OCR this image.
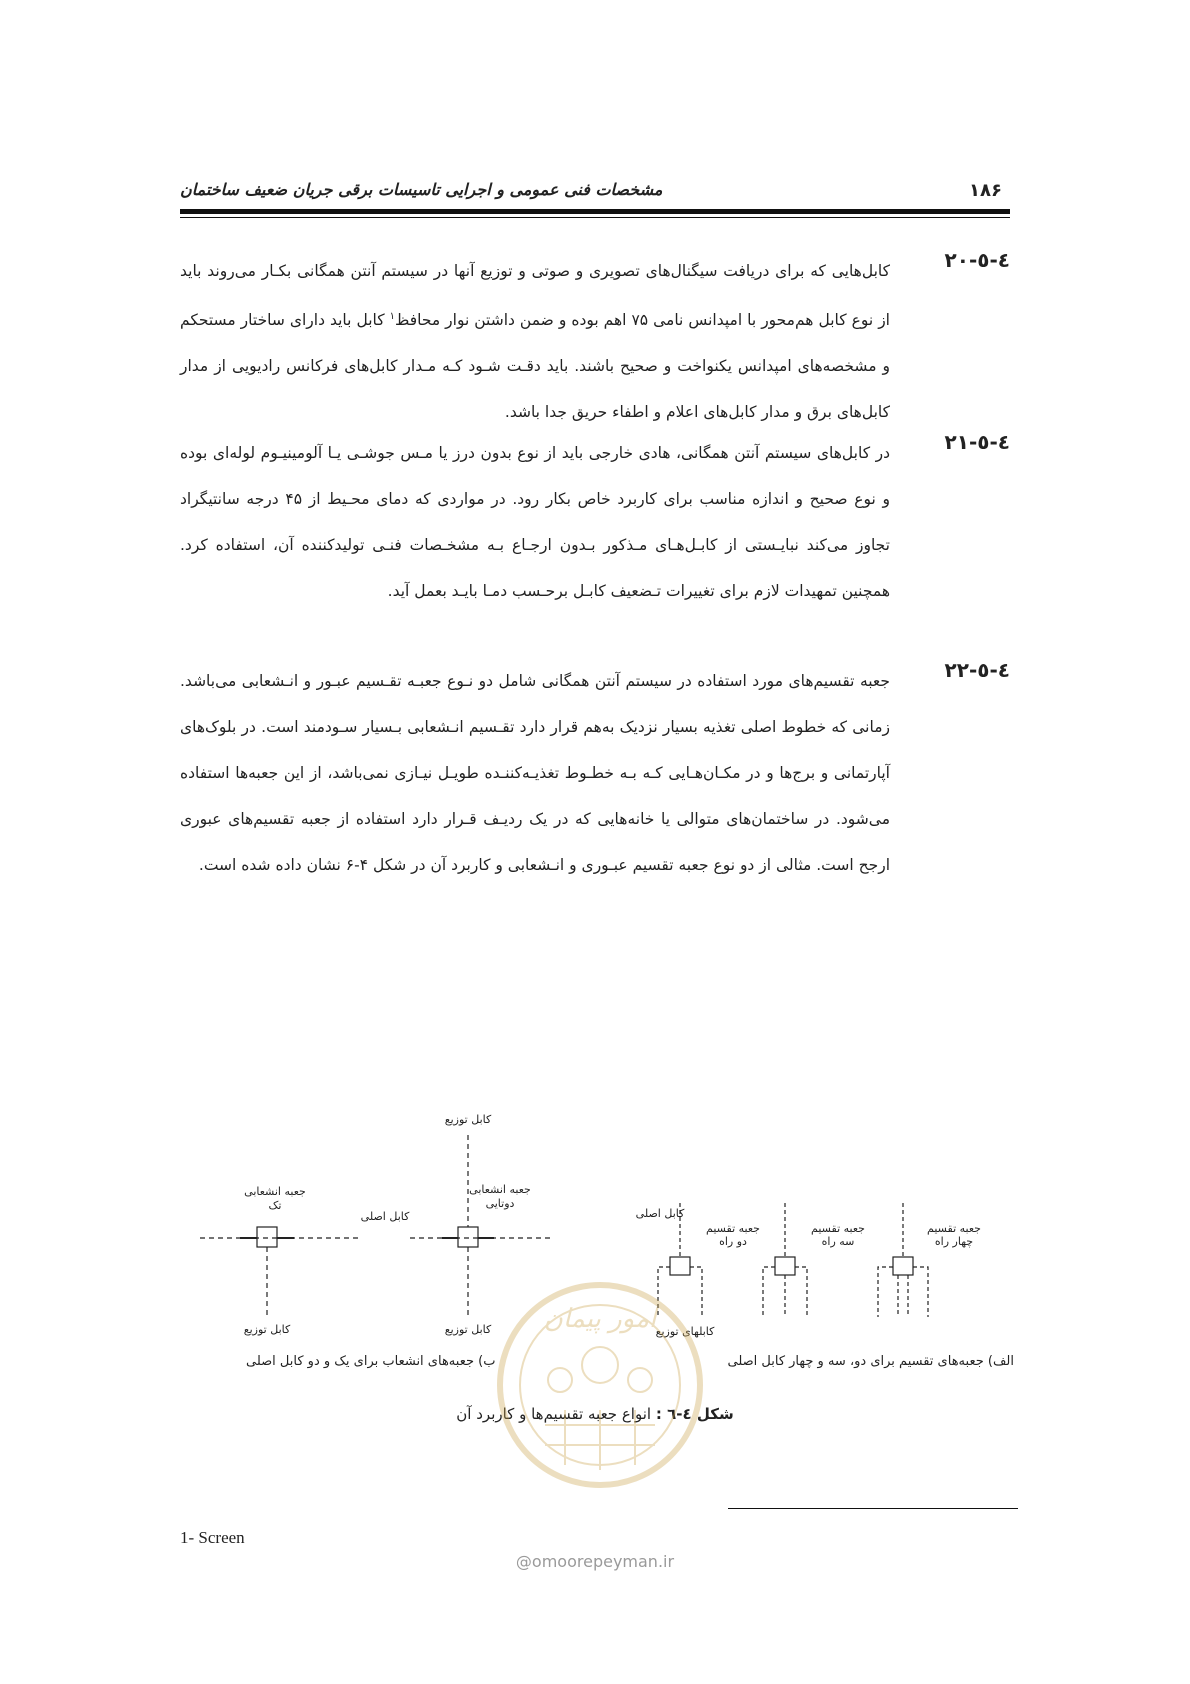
مشخصات فنی عمومی و اجرایی تاسیسات برقی جریان ضعیف ساختمان	۱۸۶
٤-٥-٢٠
کابل‌هایی که برای دریافت سیگنال‌های تصویری و صوتی و توزیع آنها در سیستم آنتن همگانی بکـار می‌روند باید از نوع کابل هم‌محور با امپدانس نامی ۷۵ اهم بوده و ضمن داشتن نوار محافظ$^۱$ کابل باید دارای ساختار مستحکم و مشخصه‌های امپدانس یکنواخت و صحیح باشند. باید دقـت شـود کـه مـدار کابل‌های فرکانس رادیویی از مدار کابل‌های برق و مدار کابل‌های اعلام و اطفاء حریق جدا باشد.
٤-٥-٢١
در کابل‌های سیستم آنتن همگانی، هادی خارجی باید از نوع بدون درز یا مـس جوشـی یـا آلومینیـوم لوله‌ای بوده و نوع صحیح و اندازه مناسب برای کاربرد خاص بکار رود. در مواردی که دمای محـیط از ۴۵ درجه سانتیگراد تجاوز می‌کند نبایـستی از کابـل‌هـای مـذکور بـدون ارجـاع بـه مشخـصات فنـی تولیدکننده آن، استفاده کرد. همچنین تمهیدات لازم برای تغییرات تـضعیف کابـل برحـسب دمـا بایـد بعمل آید.
٤-٥-٢٢
جعبه تقسیم‌های مورد استفاده در سیستم آنتن همگانی شامل دو نـوع جعبـه تقـسیم عبـور و انـشعابی می‌باشد. زمانی که خطوط اصلی تغذیه بسیار نزدیک به‌هم قرار دارد تقـسیم انـشعابی بـسیار سـودمند است. در بلوک‌های آپارتمانی و برج‌ها و در مکـان‌هـایی کـه بـه خطـوط تغذیـه‌کننـده طویـل نیـازی نمی‌باشد، از این جعبه‌ها استفاده می‌شود. در ساختمان‌های متوالی یا خانه‌هایی که در یک ردیـف قـرار دارد استفاده از جعبه تقسیم‌های عبوری ارجح است. مثالی از دو نوع جعبه تقسیم عبـوری و انـشعابی و کاربرد آن در شکل ۴-۶ نشان داده شده است.
کابل توزیع
جعبه انشعابی
تک
جعبه انشعابی
دوتایی
کابل اصلی
کابل توزیع	کابل توزیع
کابل اصلی
جعبه تقسیم
دو راه
جعبه تقسیم
سه راه
جعبه تقسیم
چهار راه
کابلهای توزیع
الف) جعبه‌های تقسیم برای دو، سه و چهار کابل اصلی
ب) جعبه‌های انشعاب برای یک و دو کابل اصلی
شکل ٤-٦ : انواع جعبه تقسیم‌ها و کاربرد آن
امور پیمان
1- Screen
@omoorepeyman.ir
